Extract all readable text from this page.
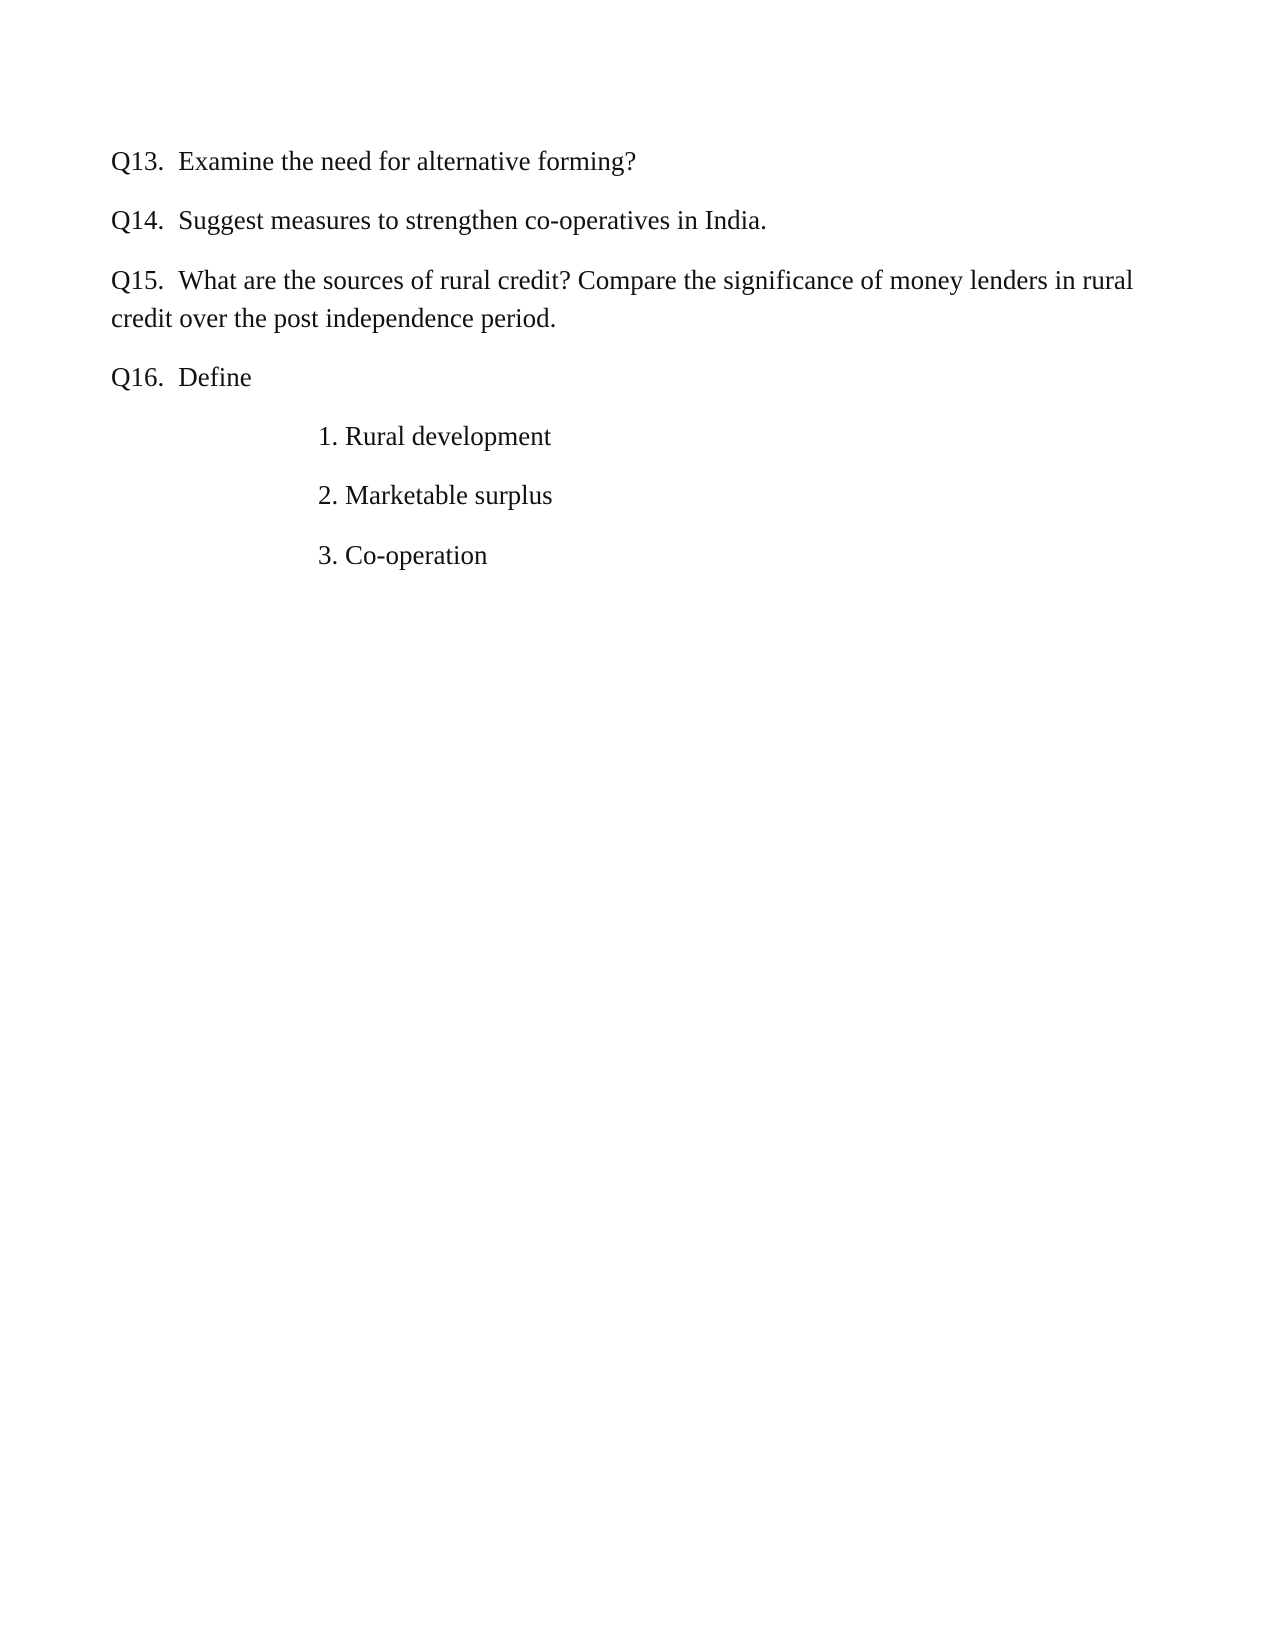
Q13. Examine the need for alternative forming?

Q14. Suggest measures to strengthen co-operatives in India.

Q15. What are the sources of rural credit? Compare the significance of money lenders in rural credit over the post independence period.

Q16. Define

1. Rural development

2. Marketable surplus

3. Co-operation
